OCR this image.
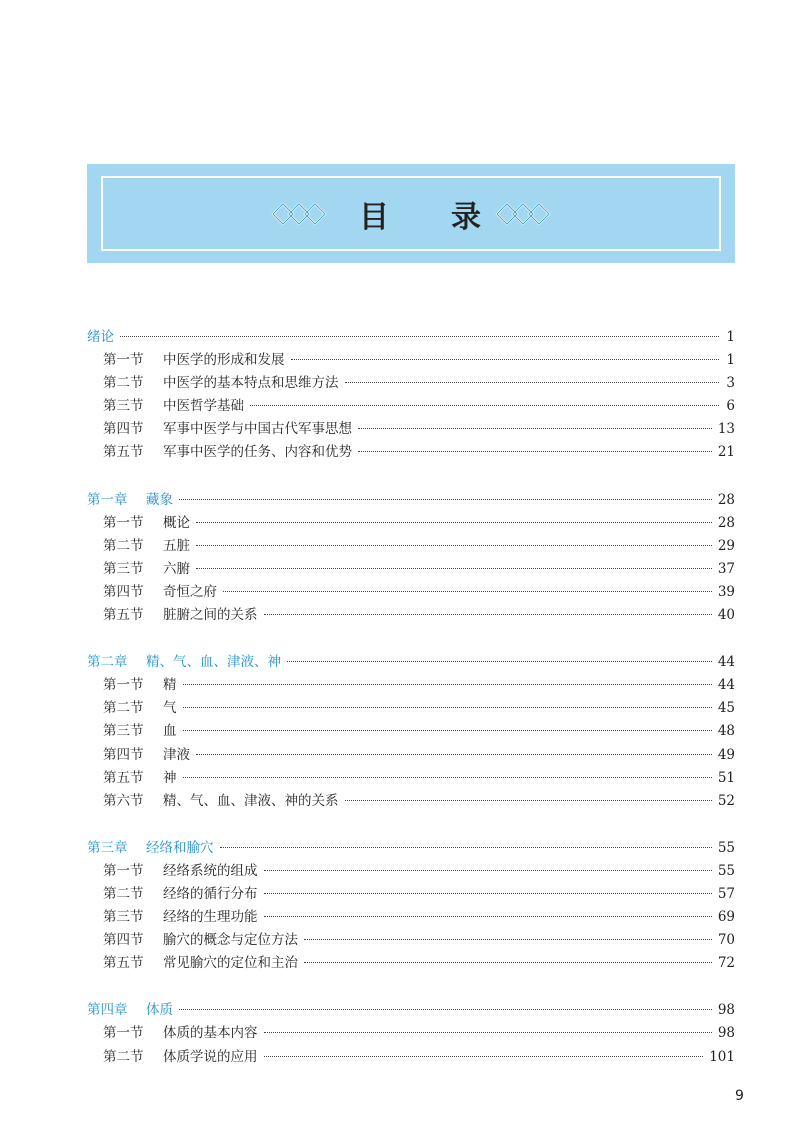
目录
绪论	1
第一节	中医学的形成和发展	1
第二节	中医学的基本特点和思维方法	3
第三节	中医哲学基础	6
第四节	军事中医学与中国古代军事思想	13
第五节	军事中医学的任务、内容和优势	21
第一章	藏象	28
第一节	概论	28
第二节	五脏	29
第三节	六腑	37
第四节	奇恒之府	39
第五节	脏腑之间的关系	40
第二章	精、气、血、津液、神	44
第一节	精	44
第二节	气	45
第三节	血	48
第四节	津液	49
第五节	神	51
第六节	精、气、血、津液、神的关系	52
第三章	经络和腧穴	55
第一节	经络系统的组成	55
第二节	经络的循行分布	57
第三节	经络的生理功能	69
第四节	腧穴的概念与定位方法	70
第五节	常见腧穴的定位和主治	72
第四章	体质	98
第一节	体质的基本内容	98
第二节	体质学说的应用	101
9
